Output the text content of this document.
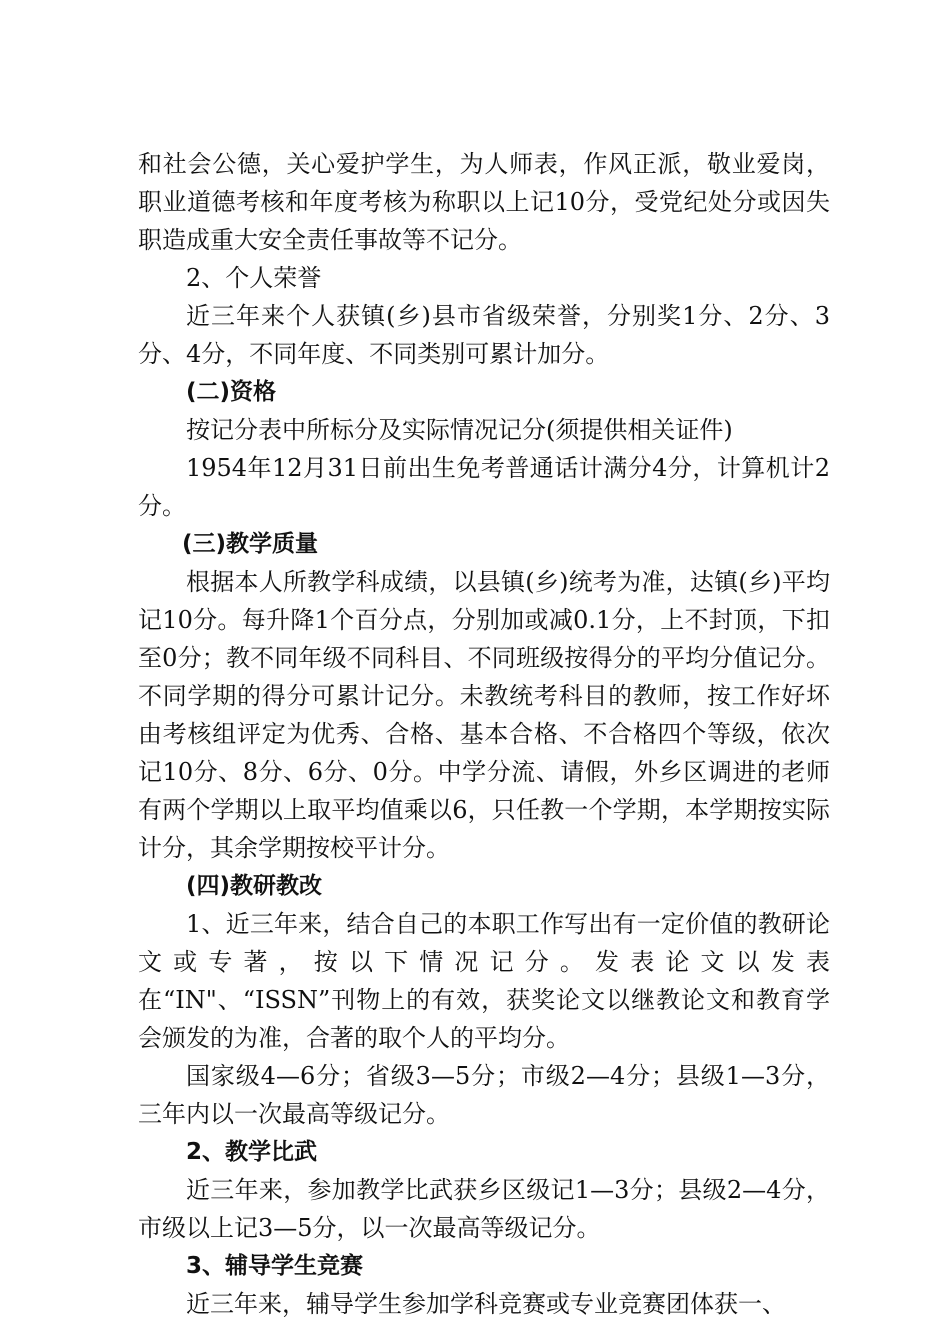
和社会公德，关心爱护学生，为人师表，作风正派，敬业爱岗，职业道德考核和年度考核为称职以上记10分，受党纪处分或因失职造成重大安全责任事故等不记分。

2、个人荣誉

近三年来个人获镇(乡)县市省级荣誉，分别奖1分、2分、3分、4分，不同年度、不同类别可累计加分。

(二)资格

按记分表中所标分及实际情况记分(须提供相关证件)

1954年12月31日前出生免考普通话计满分4分，计算机计2分。

(三)教学质量

根据本人所教学科成绩，以县镇(乡)统考为准，达镇(乡)平均记10分。每升降1个百分点，分别加或减0.1分，上不封顶，下扣至0分；教不同年级不同科目、不同班级按得分的平均分值记分。不同学期的得分可累计记分。未教统考科目的教师，按工作好坏由考核组评定为优秀、合格、基本合格、不合格四个等级，依次记10分、8分、6分、0分。中学分流、请假，外乡区调进的老师有两个学期以上取平均值乘以6，只任教一个学期，本学期按实际计分，其余学期按校平计分。

(四)教研教改

1、近三年来，结合自己的本职工作写出有一定价值的教研论文或专著，按以下情况记分。发表论文以发表在“IN"、“ISSN”刊物上的有效，获奖论文以继教论文和教育学会颁发的为准，合著的取个人的平均分。

国家级4—6分；省级3—5分；市级2—4分；县级1—3分，三年内以一次最高等级记分。

2、教学比武

近三年来，参加教学比武获乡区级记1—3分；县级2—4分，市级以上记3—5分，以一次最高等级记分。

3、辅导学生竞赛

近三年来，辅导学生参加学科竞赛或专业竞赛团体获一、
